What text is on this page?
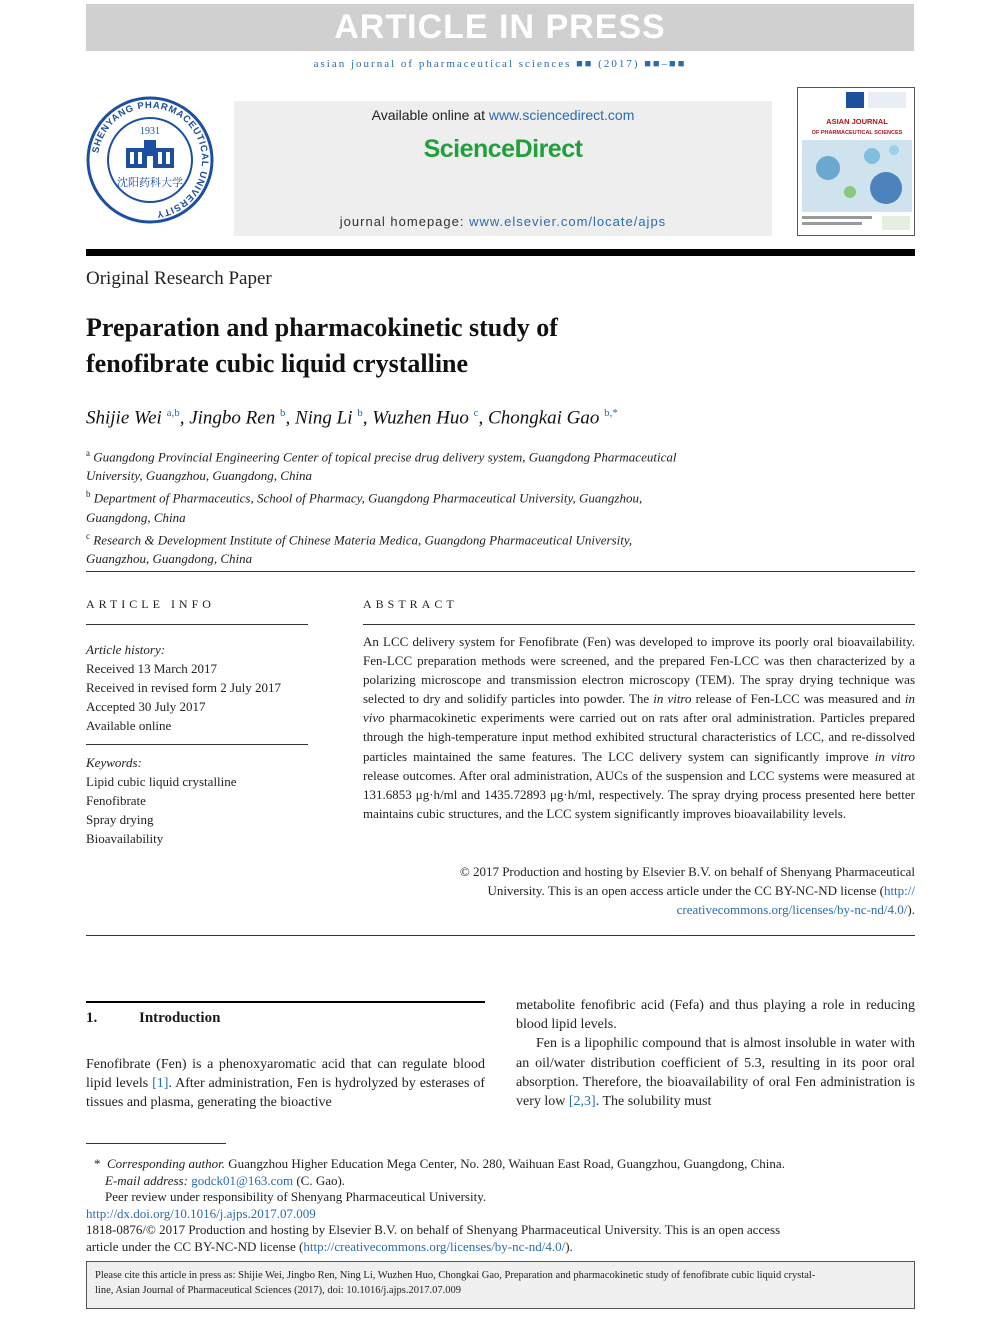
ARTICLE IN PRESS
asian journal of pharmaceutical sciences ■■ (2017) ■■–■■
SHENYANG PHARMACEUTICAL UNIVERSITY
1931
沈阳药科大学
Available online at www.sciencedirect.com
ScienceDirect
journal homepage: www.elsevier.com/locate/ajps
ASIAN JOURNAL
OF PHARMACEUTICAL SCIENCES
Original Research Paper
Preparation and pharmacokinetic study of
fenofibrate cubic liquid crystalline
Shijie Wei $^{a,b}$, Jingbo Ren $^b$, Ning Li $^b$, Wuzhen Huo $^c$, Chongkai Gao $^{b,*}$
$^a$ Guangdong Provincial Engineering Center of topical precise drug delivery system, Guangdong Pharmaceutical
University, Guangzhou, Guangdong, China
$^b$ Department of Pharmaceutics, School of Pharmacy, Guangdong Pharmaceutical University, Guangzhou,
Guangdong, China
$^c$ Research & Development Institute of Chinese Materia Medica, Guangdong Pharmaceutical University,
Guangzhou, Guangdong, China
ARTICLE INFO
Article history:
Received 13 March 2017
Received in revised form 2 July 2017
Accepted 30 July 2017
Available online
Keywords:
Lipid cubic liquid crystalline
Fenofibrate
Spray drying
Bioavailability
ABSTRACT
An LCC delivery system for Fenofibrate (Fen) was developed to improve its poorly oral bioavailability. Fen-LCC preparation methods were screened, and the prepared Fen-LCC was then characterized by a polarizing microscope and transmission electron microscopy (TEM). The spray drying technique was selected to dry and solidify particles into powder. The in vitro release of Fen-LCC was measured and in vivo pharmacokinetic experiments were carried out on rats after oral administration. Particles prepared through the high-temperature input method exhibited structural characteristics of LCC, and re-dissolved particles maintained the same features. The LCC delivery system can significantly improve in vitro release outcomes. After oral administration, AUCs of the suspension and LCC systems were measured at 131.6853 μg·h/ml and 1435.72893 μg·h/ml, respectively. The spray drying process presented here better maintains cubic structures, and the LCC system significantly improves bioavailability levels.
© 2017 Production and hosting by Elsevier B.V. on behalf of Shenyang Pharmaceutical
University. This is an open access article under the CC BY-NC-ND license (http://
creativecommons.org/licenses/by-nc-nd/4.0/).
1.	Introduction
Fenofibrate (Fen) is a phenoxyaromatic acid that can regulate blood lipid levels [1]. After administration, Fen is hydrolyzed by esterases of tissues and plasma, generating the bioactive
metabolite fenofibric acid (Fefa) and thus playing a role in reducing blood lipid levels.
Fen is a lipophilic compound that is almost insoluble in water with an oil/water distribution coefficient of 5.3, resulting in its poor oral absorption. Therefore, the bioavailability of oral Fen administration is very low [2,3]. The solubility must
* Corresponding author. Guangzhou Higher Education Mega Center, No. 280, Waihuan East Road, Guangzhou, Guangdong, China.
E-mail address: godck01@163.com (C. Gao).
Peer review under responsibility of Shenyang Pharmaceutical University.
http://dx.doi.org/10.1016/j.ajps.2017.07.009
1818-0876/© 2017 Production and hosting by Elsevier B.V. on behalf of Shenyang Pharmaceutical University. This is an open access
article under the CC BY-NC-ND license (http://creativecommons.org/licenses/by-nc-nd/4.0/).
Please cite this article in press as: Shijie Wei, Jingbo Ren, Ning Li, Wuzhen Huo, Chongkai Gao, Preparation and pharmacokinetic study of fenofibrate cubic liquid crystal-
line, Asian Journal of Pharmaceutical Sciences (2017), doi: 10.1016/j.ajps.2017.07.009
